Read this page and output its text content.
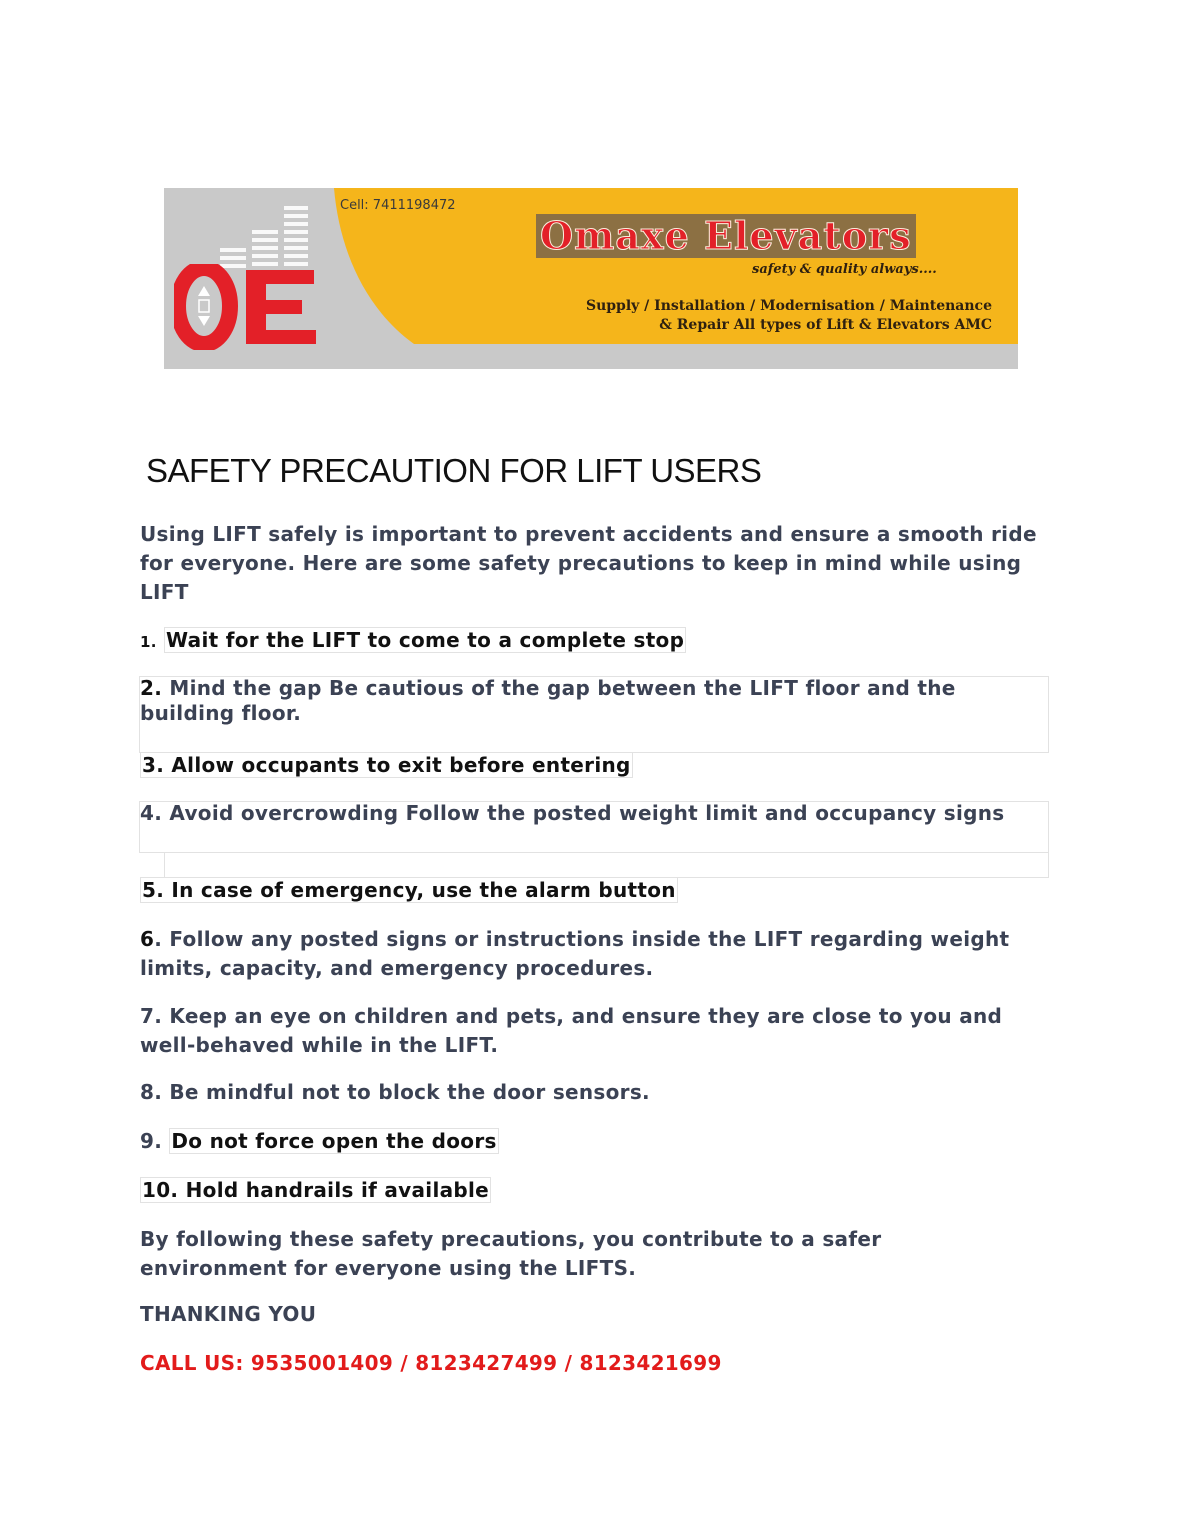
Cell: 7411198472
Omaxe Elevators
safety & quality always....
Supply / Installation / Modernisation / Maintenance
& Repair All types of Lift & Elevators AMC
SAFETY PRECAUTION FOR LIFT USERS

Using LIFT safely is important to prevent accidents and ensure a smooth ride for everyone. Here are some safety precautions to keep in mind while using LIFT

1. Wait for the LIFT to come to a complete stop

2. Mind the gap Be cautious of the gap between the LIFT floor and the building floor.

3. Allow occupants to exit before entering

4. Avoid overcrowding Follow the posted weight limit and occupancy signs

5. In case of emergency, use the alarm button

6. Follow any posted signs or instructions inside the LIFT regarding weight limits, capacity, and emergency procedures.

7. Keep an eye on children and pets, and ensure they are close to you and well-behaved while in the LIFT.

8. Be mindful not to block the door sensors.

9. Do not force open the doors

10. Hold handrails if available

By following these safety precautions, you contribute to a safer environment for everyone using the LIFTS.

THANKING YOU

CALL US: 9535001409 / 8123427499 / 8123421699
